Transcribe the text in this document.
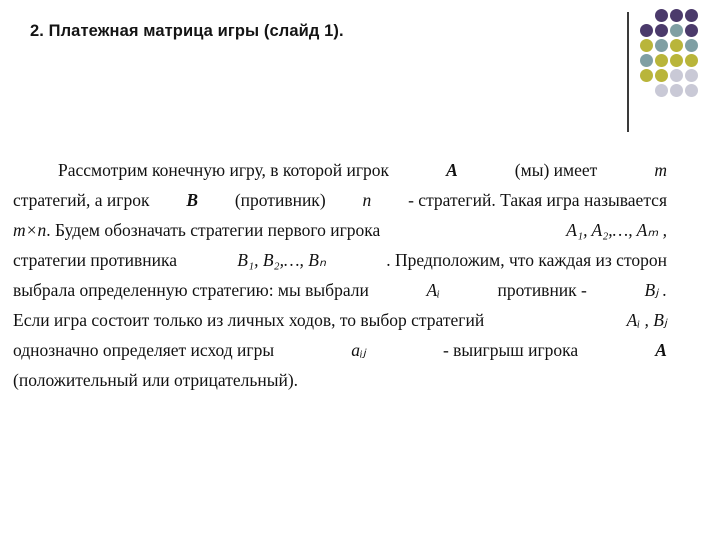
2. Платежная матрица игры (слайд 1).
Рассмотрим конечную игру, в которой игрок	A	(мы) имеет	m
стратегий, а игрок B (противник) n - стратегий. Такая игра называется
m×n. Будем обозначать стратегии первого игрока	A₁, A₂,…, Aₘ ,
стратегии противника	B₁, B₂,…, Bₙ	. Предположим, что каждая из сторон
выбрала определенную стратегию: мы выбрали	Aᵢ	противник -	Bⱼ .
Если игра состоит только из личных ходов, то выбор стратегий	Aᵢ , Bⱼ
однозначно определяет исход игры	aᵢⱼ	- выигрыш игрока	A
(положительный или отрицательный).
